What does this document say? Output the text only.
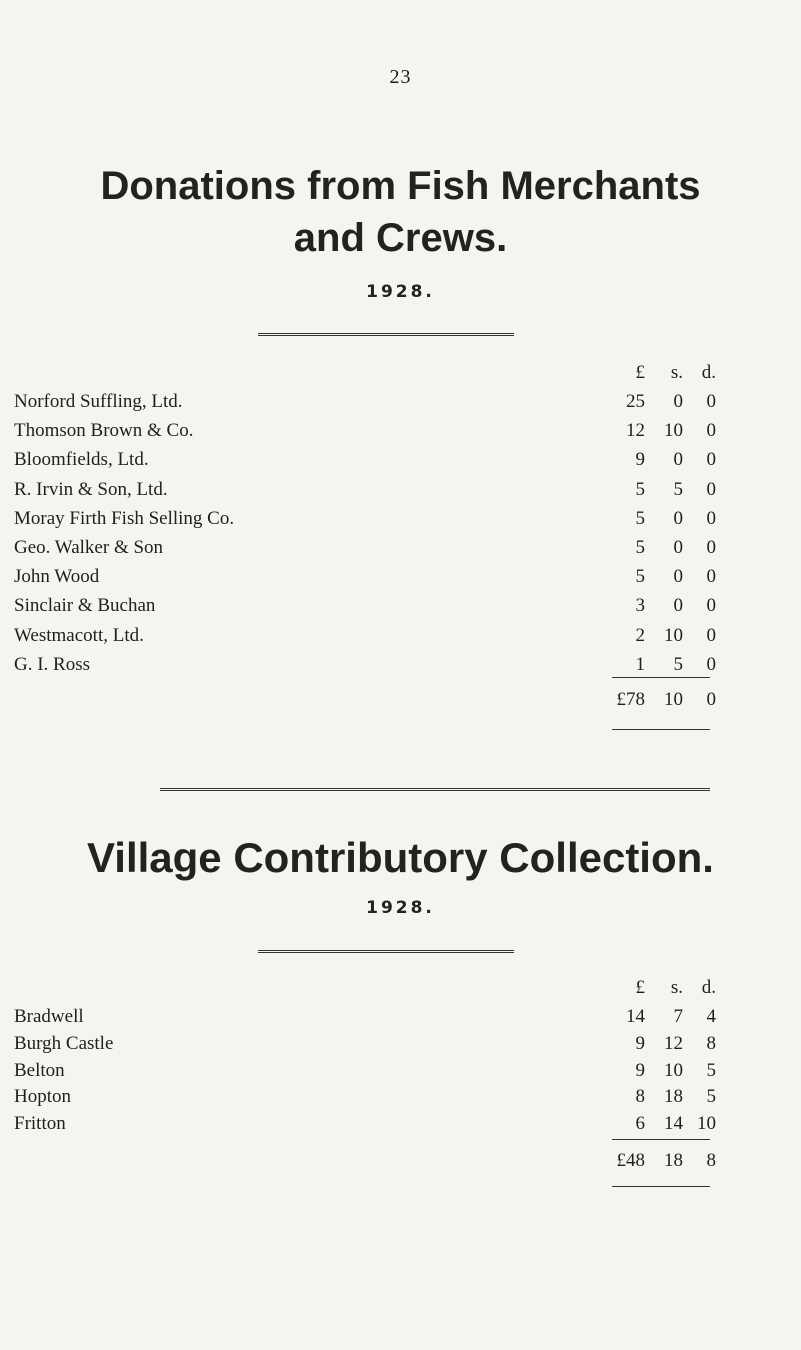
23
Donations from Fish Merchants
and Crews.
1928.
£	s. d.
Norford Suffling, Ltd.	25	0	0
Thomson Brown & Co.	12	10	0
Bloomfields, Ltd.	9	0	0
R. Irvin & Son, Ltd.	5	5	0
Moray Firth Fish Selling Co.	5	0	0
Geo. Walker & Son	5	0	0
John Wood	5	0	0
Sinclair & Buchan	3	0	0
Westmacott, Ltd.	2	10	0
G. I. Ross	1	5	0
£78	10	0
Village Contributory Collection.
1928.
£	s. d.
Bradwell	14	7	4
Burgh Castle	9	12	8
Belton	9	10	5
Hopton	8	18	5
Fritton	6	14 10
£48	18	8
